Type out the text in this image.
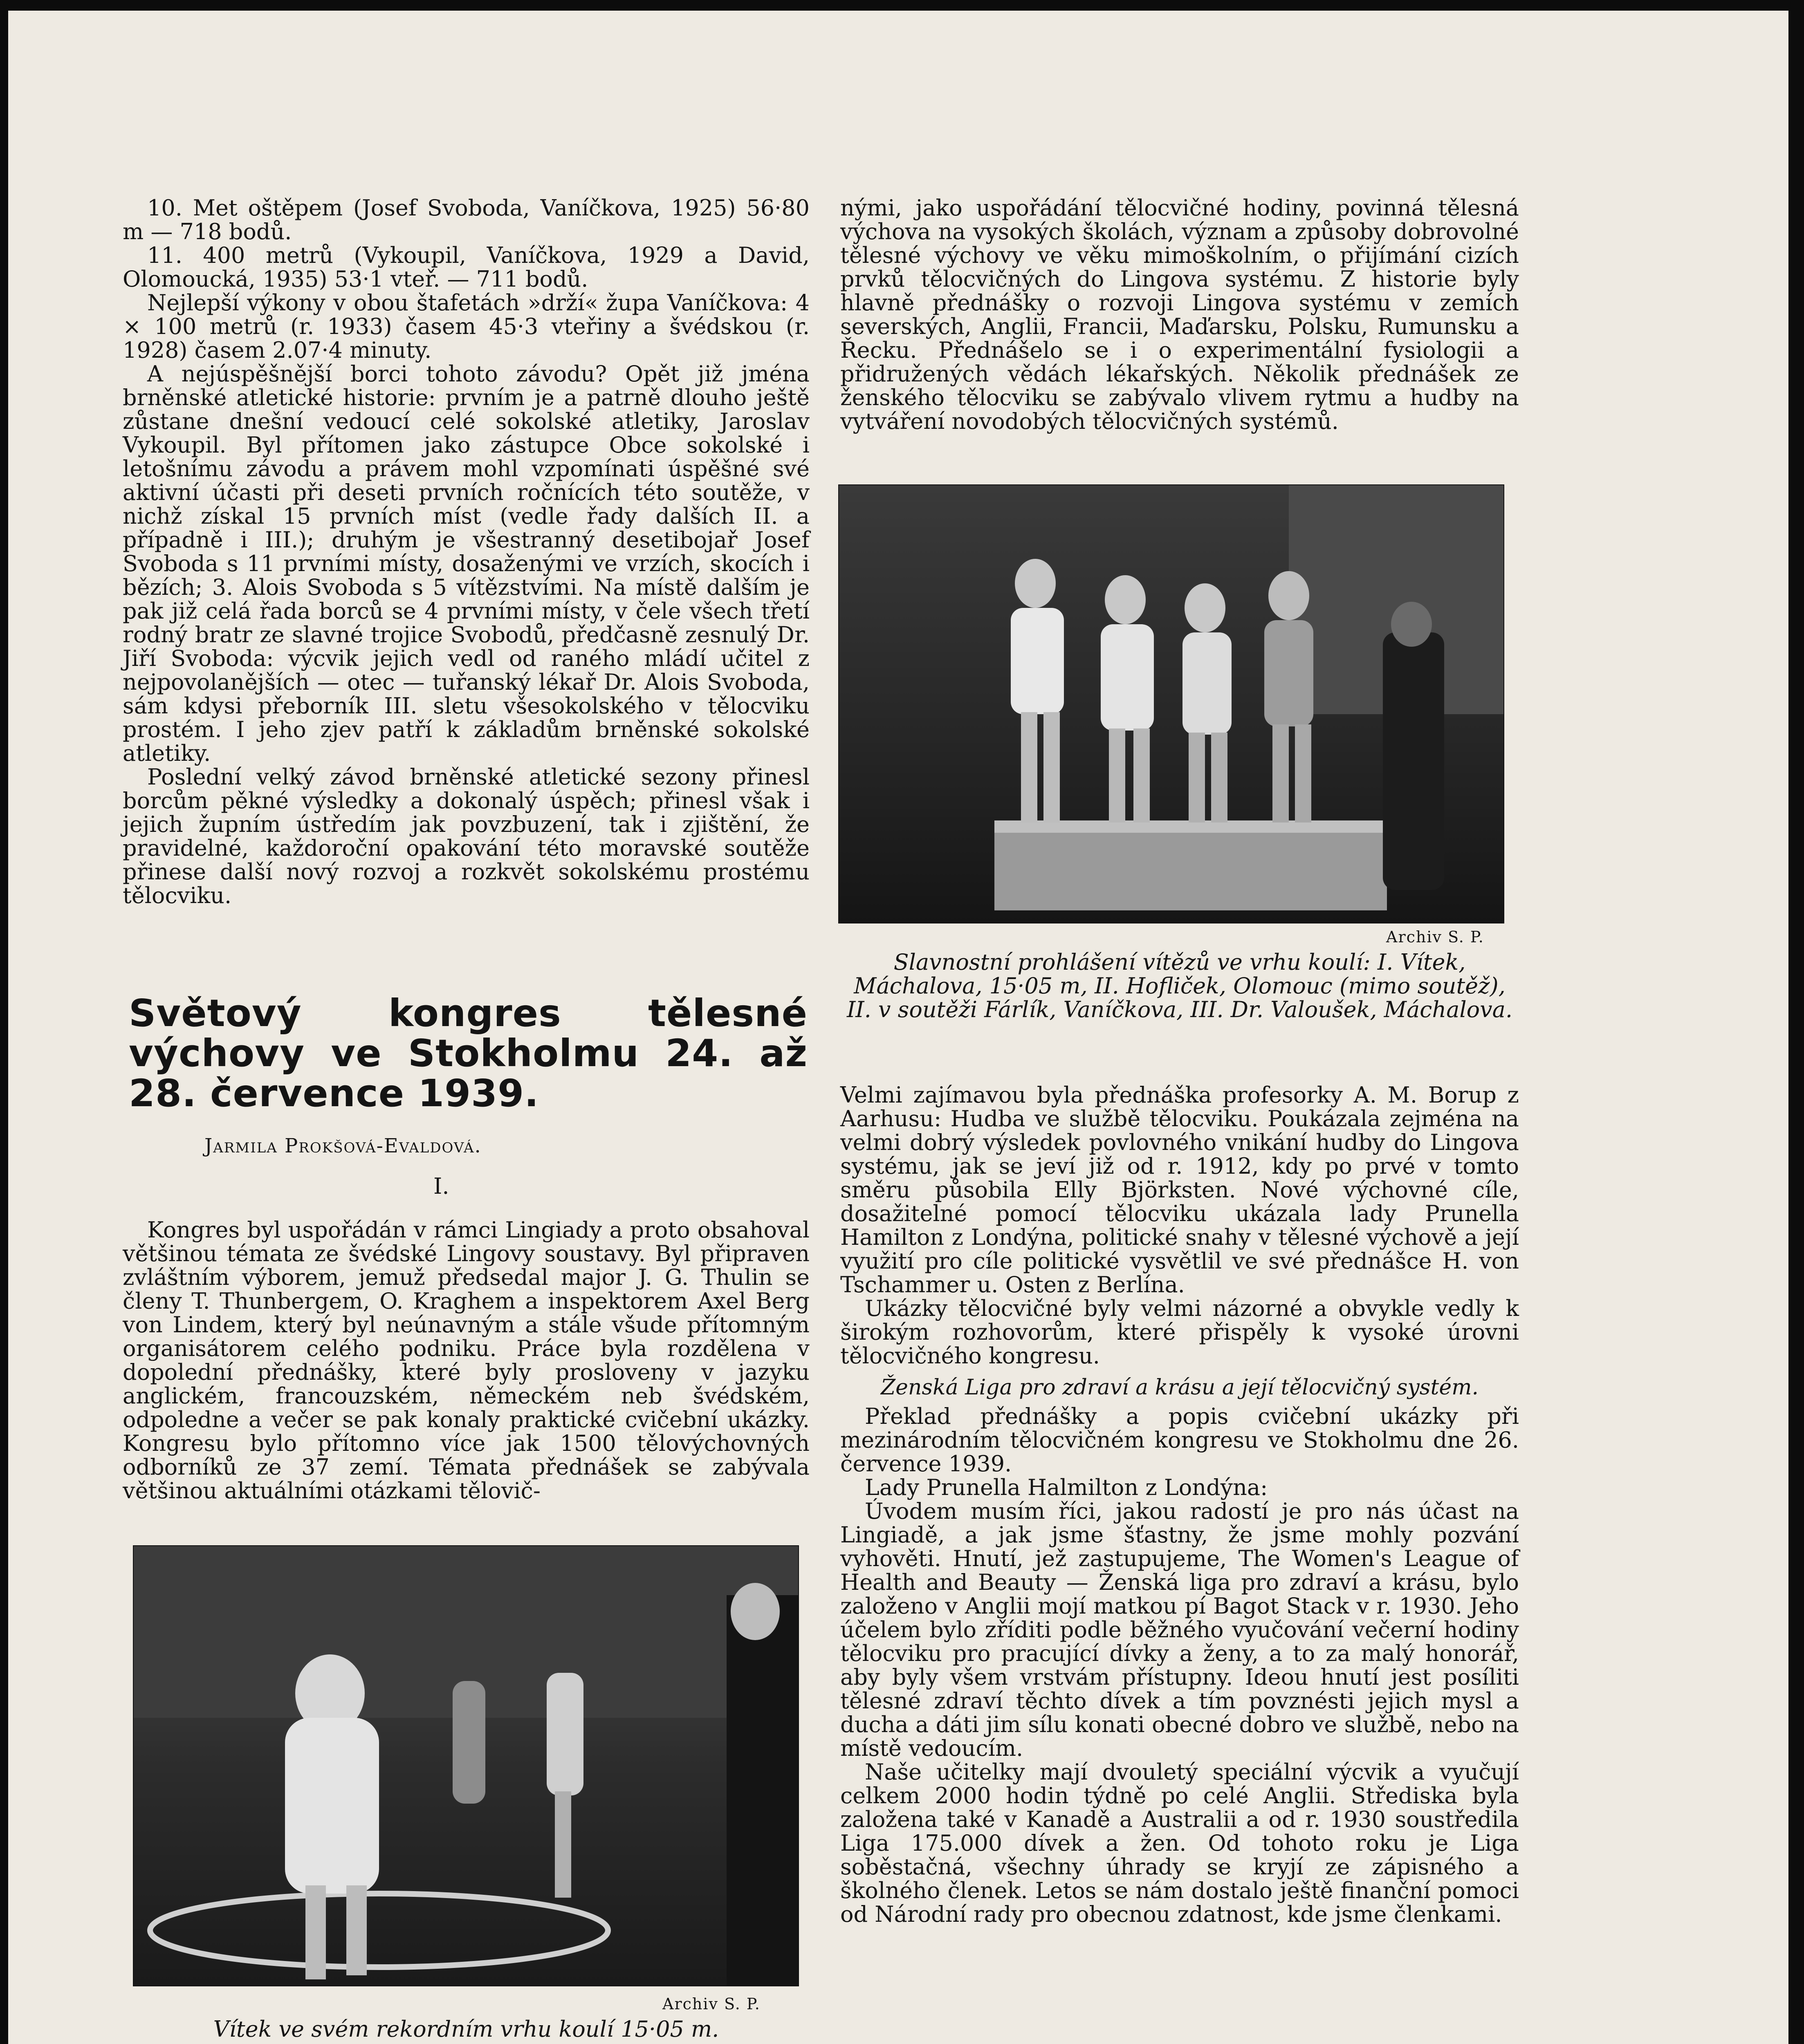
10. Met oštěpem (Josef Svoboda, Vaníčkova, 1925) 56·80 m — 718 bodů.

11. 400 metrů (Vykoupil, Vaníčkova, 1929 a David, Olomoucká, 1935) 53·1 vteř. — 711 bodů.

Nejlepší výkony v obou štafetách »drží« župa Vaníčkova: 4 × 100 metrů (r. 1933) časem 45·3 vteřiny a švédskou (r. 1928) časem 2.07·4 minuty.

A nejúspěšnější borci tohoto závodu? Opět již jména brněnské atletické historie: prvním je a patrně dlouho ještě zůstane dnešní vedoucí celé sokolské atletiky, Jaroslav Vykoupil. Byl přítomen jako zástupce Obce sokolské i letošnímu závodu a právem mohl vzpomínati úspěšné své aktivní účasti při deseti prvních ročnících této soutěže, v nichž získal 15 prvních míst (vedle řady dalších II. a případně i III.); druhým je všestranný desetibojař Josef Svoboda s 11 prvními místy, dosaženými ve vrzích, skocích i bězích; 3. Alois Svoboda s 5 vítězstvími. Na místě dalším je pak již celá řada borců se 4 prvními místy, v čele všech třetí rodný bratr ze slavné trojice Svobodů, předčasně zesnulý Dr. Jiří Svoboda: výcvik jejich vedl od raného mládí učitel z nejpovolanějších — otec — tuřanský lékař Dr. Alois Svoboda, sám kdysi přeborník III. sletu všesokolského v tělocviku prostém. I jeho zjev patří k základům brněnské sokolské atletiky.

Poslední velký závod brněnské atletické sezony přinesl borcům pěkné výsledky a dokonalý úspěch; přinesl však i jejich župním ústředím jak povzbuzení, tak i zjištění, že pravidelné, každoroční opakování této moravské soutěže přinese další nový rozvoj a rozkvět sokolskému prostému tělocviku.

Světový kongres tělesné výchovy ve Stokholmu 24. až 28. července 1939.
Jarmila Prokšová-Evaldová.
I.

Kongres byl uspořádán v rámci Lingiady a proto obsahoval většinou témata ze švédské Lingovy soustavy. Byl připraven zvláštním výborem, jemuž předsedal major J. G. Thulin se členy T. Thunbergem, O. Kraghem a inspektorem Axel Berg von Lindem, který byl neúnavným a stále všude přítomným organisátorem celého podniku. Práce byla rozdělena v dopolední přednášky, které byly prosloveny v jazyku anglickém, francouzském, německém neb švédském, odpoledne a večer se pak konaly praktické cvičební ukázky. Kongresu bylo přítomno více jak 1500 tělovýchovných odborníků ze 37 zemí. Témata přednášek se zabývala většinou aktuálními otázkami tělovič-

Archiv S. P.
Vítek ve svém rekordním vrhu koulí 15·05 m.

nými, jako uspořádání tělocvičné hodiny, povinná tělesná výchova na vysokých školách, význam a způsoby dobrovolné tělesné výchovy ve věku mimoškolním, o přijímání cizích prvků tělocvičných do Lingova systému. Z historie byly hlavně přednášky o rozvoji Lingova systému v zemích severských, Anglii, Francii, Maďarsku, Polsku, Rumunsku a Řecku. Přednášelo se i o experimentální fysiologii a přidružených vědách lékařských. Několik přednášek ze ženského tělocviku se zabývalo vlivem rytmu a hudby na vytváření novodobých tělocvičných systémů.

Archiv S. P.
Slavnostní prohlášení vítězů ve vrhu koulí: I. Vítek, Máchalova, 15·05 m, II. Hofliček, Olomouc (mimo soutěž), II. v soutěži Fárlík, Vaníčkova, III. Dr. Valoušek, Máchalova.

Velmi zajímavou byla přednáška profesorky A. M. Borup z Aarhusu: Hudba ve službě tělocviku. Poukázala zejména na velmi dobrý výsledek povlovného vnikání hudby do Lingova systému, jak se jeví již od r. 1912, kdy po prvé v tomto směru působila Elly Björksten. Nové výchovné cíle, dosažitelné pomocí tělocviku ukázala lady Prunella Hamilton z Londýna, politické snahy v tělesné výchově a její využití pro cíle politické vysvětlil ve své přednášce H. von Tschammer u. Osten z Berlína.

Ukázky tělocvičné byly velmi názorné a obvykle vedly k širokým rozhovorům, které přispěly k vysoké úrovni tělocvičného kongresu.

Ženská Liga pro zdraví a krásu a její tělocvičný systém.

Překlad přednášky a popis cvičební ukázky při mezinárodním tělocvičném kongresu ve Stokholmu dne 26. července 1939.

Lady Prunella Halmilton z Londýna:

Úvodem musím říci, jakou radostí je pro nás účast na Lingiadě, a jak jsme šťastny, že jsme mohly pozvání vyhověti. Hnutí, jež zastupujeme, The Women's League of Health and Beauty — Ženská liga pro zdraví a krásu, bylo založeno v Anglii mojí matkou pí Bagot Stack v r. 1930. Jeho účelem bylo zříditi podle běžného vyučování večerní hodiny tělocviku pro pracující dívky a ženy, a to za malý honorář, aby byly všem vrstvám přístupny. Ideou hnutí jest posíliti tělesné zdraví těchto dívek a tím povznésti jejich mysl a ducha a dáti jim sílu konati obecné dobro ve službě, nebo na místě vedoucím.

Naše učitelky mají dvouletý speciální výcvik a vyučují celkem 2000 hodin týdně po celé Anglii. Střediska byla založena také v Kanadě a Australii a od r. 1930 soustředila Liga 175.000 dívek a žen. Od tohoto roku je Liga soběstačná, všechny úhrady se kryjí ze zápisného a školného členek. Letos se nám dostalo ještě finanční pomoci od Národní rady pro obecnou zdatnost, kde jsme členkami.
